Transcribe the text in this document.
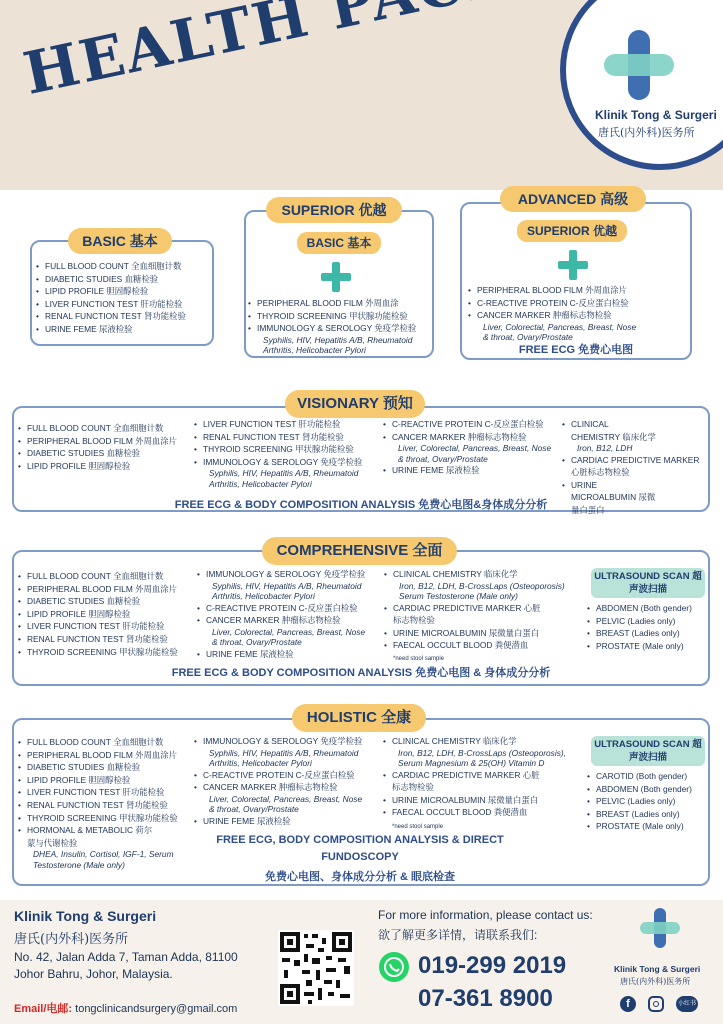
Klinik Tong & Surgeri
唐氏(内外科)医务所
BASIC 基本
• FULL BLOOD COUNT 全血细胞计数
• DIABETIC STUDIES 血糖检验
• LIPID PROFILE 胆固醇检验
• LIVER FUNCTION TEST 肝功能检验
• RENAL FUNCTION TEST 肾功能检验
• URINE FEME 尿液检验
SUPERIOR 优越
BASIC 基本
• PERIPHERAL BLOOD FILM 外周血涂
• THYROID SCREENING 甲状腺功能检验
• IMMUNOLOGY & SEROLOGY 免疫学检验
Syphilis, HIV, Hepatitis A/B, Rheumatoid Arthritis, Helicobacter Pylori
ADVANCED 高级
SUPERIOR 优越
• PERIPHERAL BLOOD FILM 外周血涂片
• C-REACTIVE PROTEIN C-反应蛋白检验
• CANCER MARKER 肿瘤标志物检验
Liver, Colorectal, Pancreas, Breast, Nose & throat, Ovary/Prostate
FREE ECG 免费心电图
VISIONARY 预知
• FULL BLOOD COUNT 全血细胞计数
• PERIPHERAL BLOOD FILM 外周血涂片
• DIABETIC STUDIES 血糖检验
• LIPID PROFILE 胆固醇检验
• LIVER FUNCTION TEST 肝功能检验
• RENAL FUNCTION TEST 肾功能检验
• THYROID SCREENING 甲状腺功能检验
• IMMUNOLOGY & SEROLOGY 免疫学检验
Syphilis, HIV, Hepatitis A/B, Rheumatoid Arthritis, Helicobacter Pylori
• C-REACTIVE PROTEIN C-反应蛋白检验
• CANCER MARKER 肿瘤标志物检验
Liver, Colorectal, Pancreas, Breast, Nose & throat, Ovary/Prostate
• URINE FEME 尿液检验
• CLINICAL CHEMISTRY 临床化学
Iron, B12, LDH
• CARDIAC PREDICTIVE MARKER 心脏标志物检验
• URINE MICROALBUMIN 尿微量白蛋白
FREE ECG & BODY COMPOSITION ANALYSIS 免费心电图&身体成分分析
COMPREHENSIVE 全面
• FULL BLOOD COUNT 全血细胞计数
• PERIPHERAL BLOOD FILM 外周血涂片
• DIABETIC STUDIES 血糖检验
• LIPID PROFILE 胆固醇检验
• LIVER FUNCTION TEST 肝功能检验
• RENAL FUNCTION TEST 肾功能检验
• THYROID SCREENING 甲状腺功能检验
• IMMUNOLOGY & SEROLOGY 免疫学检验
Syphilis, HIV, Hepatitis A/B, Rheumatoid Arthritis, Helicobacter Pylori
• C-REACTIVE PROTEIN C-反应蛋白检验
• CANCER MARKER 肿瘤标志物检验
Liver, Colorectal, Pancreas, Breast, Nose & throat, Ovary/Prostate
• URINE FEME 尿液检验
• CLINICAL CHEMISTRY 临床化学
Iron, B12, LDH, B-CrossLaps (Osteoporosis) Serum Testosterone (Male only)
• CARDIAC PREDICTIVE MARKER 心脏标志物检验
• URINE MICROALBUMIN 尿微量白蛋白
• FAECAL OCCULT BLOOD 粪便潜血
*need stool sample
ULTRASOUND SCAN 超声波扫描
• ABDOMEN (Both gender)
• PELVIC (Ladies only)
• BREAST (Ladies only)
• PROSTATE (Male only)
FREE ECG & BODY COMPOSITION ANALYSIS 免费心电图 & 身体成分分析
HOLISTIC 全康
• FULL BLOOD COUNT 全血细胞计数
• PERIPHERAL BLOOD FILM 外周血涂片
• DIABETIC STUDIES 血糖检验
• LIPID PROFILE 胆固醇检验
• LIVER FUNCTION TEST 肝功能检验
• RENAL FUNCTION TEST 肾功能检验
• THYROID SCREENING 甲状腺功能检验
• HORMONAL & METABOLIC 荷尔蒙与代谢检验
DHEA, Insulin, Cortisol, IGF-1, Serum Testosterone (Male only)
• IMMUNOLOGY & SEROLOGY 免疫学检验
Syphilis, HIV, Hepatitis A/B, Rheumatoid Arthritis, Helicobacter Pylori
• C-REACTIVE PROTEIN C-反应蛋白检验
• CANCER MARKER 肿瘤标志物检验
Liver, Colorectal, Pancreas, Breast, Nose & throat, Ovary/Prostate
• URINE FEME 尿液检验
• CLINICAL CHEMISTRY 临床化学
Iron, B12, LDH, B-CrossLaps (Osteoporosis), Serum Magnesium & 25(OH) Vitamin D
• CARDIAC PREDICTIVE MARKER 心脏标志物检验
• URINE MICROALBUMIN 尿微量白蛋白
• FAECAL OCCULT BLOOD 粪便潜血
*need stool sample
ULTRASOUND SCAN 超声波扫描
• CAROTID (Both gender)
• ABDOMEN (Both gender)
• PELVIC (Ladies only)
• BREAST (Ladies only)
• PROSTATE (Male only)
FREE ECG, BODY COMPOSITION ANALYSIS & DIRECT
FUNDOSCOPY
免费心电图、身体成分分析 & 眼底检查
Klinik Tong & Surgeri
唐氏(内外科)医务所
No. 42, Jalan Adda 7, Taman Adda, 81100
Johor Bahru, Johor, Malaysia.
Email/电邮: tongclinicandsurgery@gmail.com
For more information, please contact us:
欲了解更多详情，请联系我们:
019-299 2019
07-361 8900
Klinik Tong & Surgeri
唐氏(内外科)医务所
f	小红书
